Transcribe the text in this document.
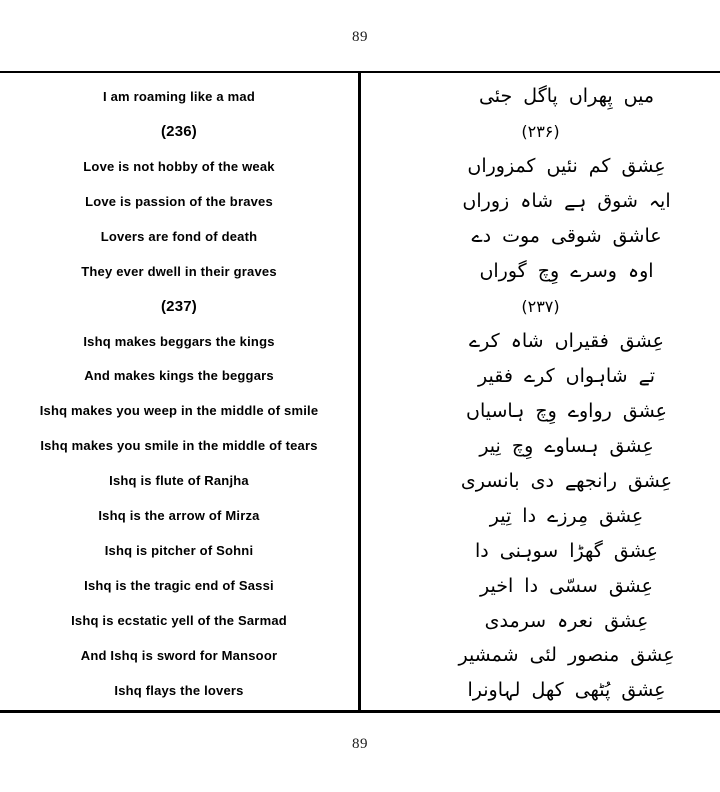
89
I am roaming like a mad
(236)
Love is not hobby of the weak
Love is passion of the braves
Lovers are fond of death
They ever dwell in their graves
(237)
Ishq makes beggars the kings
And makes kings the beggars
Ishq makes you weep in the middle of smile
Ishq makes you smile in the middle of tears
Ishq is flute of Ranjha
Ishq is the arrow of Mirza
Ishq is pitcher of Sohni
Ishq is the tragic end of Sassi
Ishq is ecstatic yell of the Sarmad
And Ishq is sword for Mansoor
Ishq flays the lovers
میں پِھراں پاگل جئی
(۲۳۶)
عِشق کم نئیں کمزوراں
ایہ شوق ہے شاہ زوراں
عاشق شوقی موت دے
اوہ وسرے وِچ گوراں
(۲۳۷)
عِشق فقیراں شاہ کرے
تے شاہواں کرے فقیر
عِشق رواوے وِچ ہاسیاں
عِشق ہساوے وِچ نِیر
عِشق رانجھے دی بانسری
عِشق مِرزے دا تِیر
عِشق گھڑا سوہنی دا
عِشق سسّی دا اخیر
عِشق نعرہ سرمدی
عِشق منصور لئی شمشیر
عِشق پُٹھی کھل لہاونرا
89
